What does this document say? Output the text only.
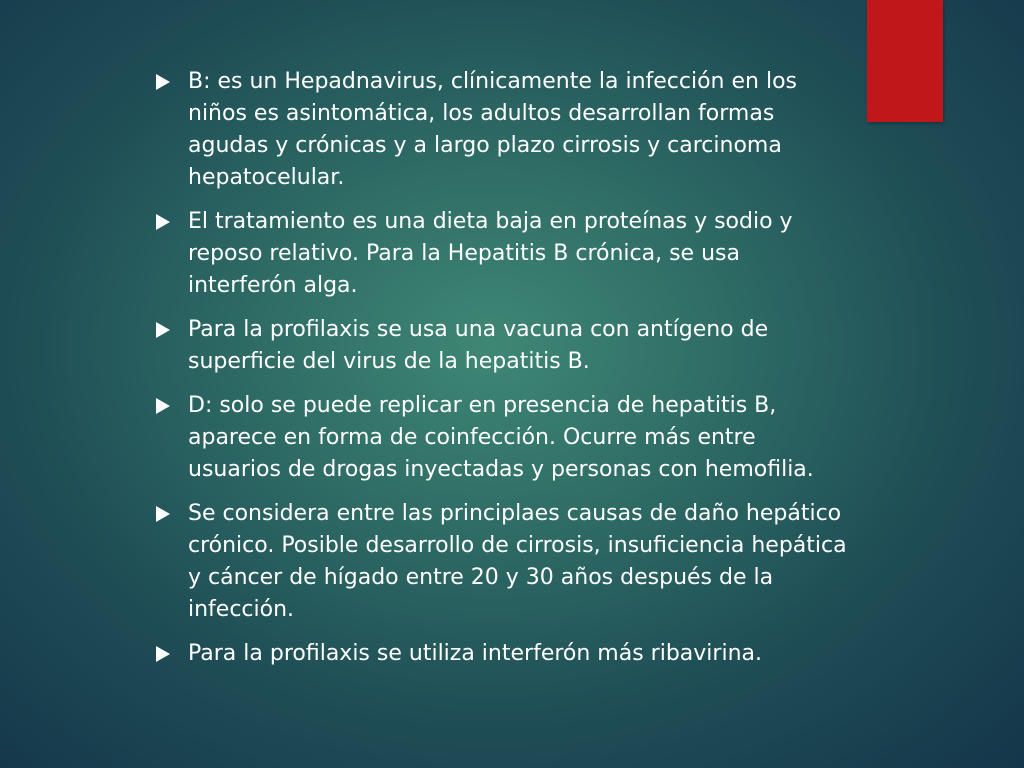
B: es un Hepadnavirus, clínicamente la infección en los niños es asintomática, los adultos desarrollan formas agudas y crónicas y a largo plazo cirrosis y carcinoma hepatocelular.
El tratamiento es una dieta baja en proteínas y sodio y reposo relativo. Para la Hepatitis B crónica, se usa interferón alga.
Para la profilaxis se usa una vacuna con antígeno de superficie del virus de la hepatitis B.
D: solo se puede replicar en presencia de hepatitis B, aparece en forma de coinfección. Ocurre más entre usuarios de drogas inyectadas y personas con hemofilia.
Se considera entre las principlaes causas de daño hepático crónico. Posible desarrollo de cirrosis, insuficiencia hepática y cáncer de hígado entre 20 y 30 años después de la infección.
Para la profilaxis se utiliza interferón más ribavirina.
